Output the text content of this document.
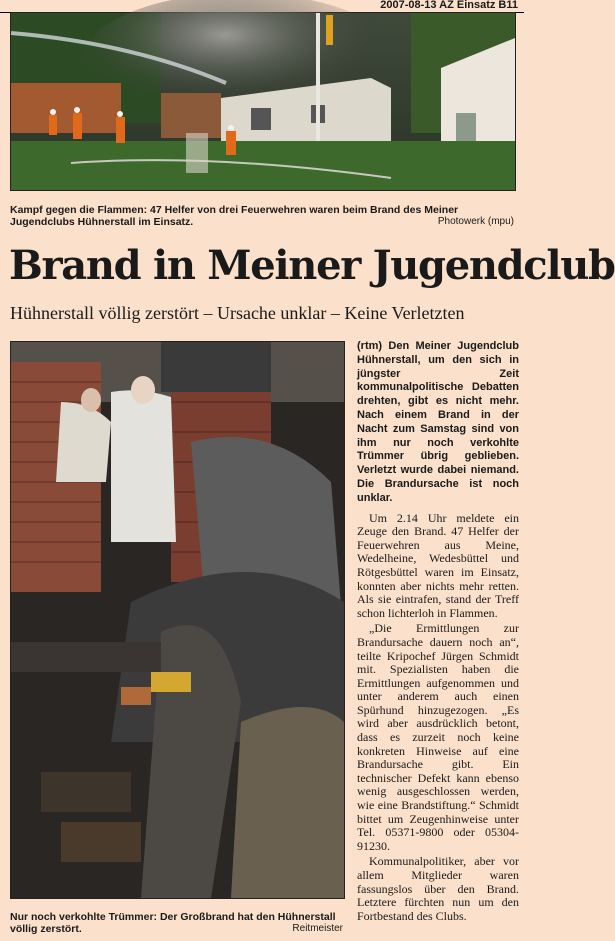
2007-08-13 AZ Einsatz B11
Kampf gegen die Flammen: 47 Helfer von drei Feuerwehren waren beim Brand des Meiner Jugendclubs Hühnerstall im Einsatz.	Photowerk (mpu)
Brand in Meiner Jugendclub
Hühnerstall völlig zerstört – Ursache unklar – Keine Verletzten
Nur noch verkohlte Trümmer: Der Großbrand hat den Hühnerstall völlig zerstört.	Reitmeister
(rtm) Den Meiner Jugendclub Hühnerstall, um den sich in jüngster Zeit kommunalpolitische Debatten drehten, gibt es nicht mehr. Nach einem Brand in der Nacht zum Samstag sind von ihm nur noch verkohlte Trümmer übrig geblieben. Verletzt wurde dabei niemand. Die Brandursache ist noch unklar.

Um 2.14 Uhr meldete ein Zeuge den Brand. 47 Helfer der Feuerwehren aus Meine, Wedelheine, Wedesbüttel und Rötgesbüttel waren im Einsatz, konnten aber nichts mehr retten. Als sie eintrafen, stand der Treff schon lichterloh in Flammen.

„Die Ermittlungen zur Brandursache dauern noch an“, teilte Kripochef Jürgen Schmidt mit. Spezialisten haben die Ermittlungen aufgenommen und unter anderem auch einen Spürhund hinzugezogen. „Es wird aber ausdrücklich betont, dass es zurzeit noch keine konkreten Hinweise auf eine Brandursache gibt. Ein technischer Defekt kann ebenso wenig ausgeschlossen werden, wie eine Brandstiftung.“ Schmidt bittet um Zeugenhinweise unter Tel. 05371-9800 oder 05304-91230.

Kommunalpolitiker, aber vor allem Mitglieder waren fassungslos über den Brand. Letztere fürchten nun um den Fortbestand des Clubs.
